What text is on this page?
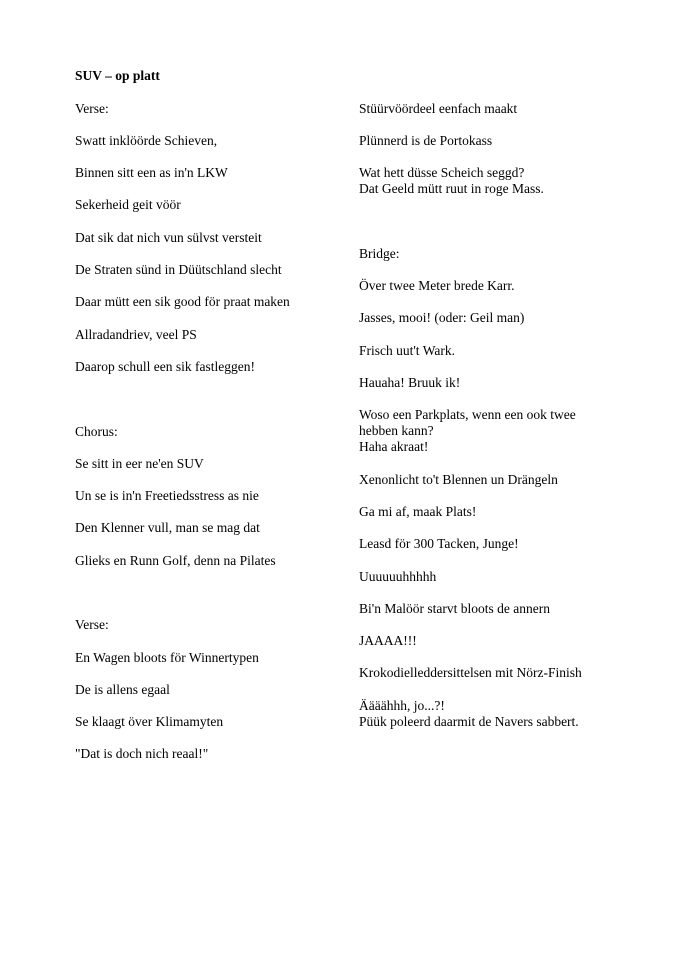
SUV – op platt

Verse:

Swatt inklöörde Schieven,

Binnen sitt een as in'n LKW

Sekerheid geit vöör

Dat sik dat nich vun sülvst versteit

De Straten sünd in Düütschland slecht

Daar mütt een sik good för praat maken

Allradandriev, veel PS

Daarop schull een sik fastleggen!

Chorus:

Se sitt in eer ne'en SUV

Un se is in'n Freetiedsstress as nie

Den Klenner vull, man se mag dat

Glieks en Runn Golf, denn na Pilates

Verse:

En Wagen bloots för Winnertypen

De is allens egaal

Se klaagt över Klimamyten

"Dat is doch nich reaal!"

Stüürvöördeel eenfach maakt

Plünnerd is de Portokass

Wat hett düsse Scheich seggd?

Dat Geeld mütt ruut in roge Mass.

Bridge:

Över twee Meter brede Karr.

Jasses, mooi! (oder: Geil man)

Frisch uut't Wark.

Hauaha! Bruuk ik!

Woso een Parkplats, wenn een ook twee

hebben kann?

Haha akraat!

Xenonlicht to't Blennen un Drängeln

Ga mi af, maak Plats!

Leasd för 300 Tacken, Junge!

Uuuuuuhhhhh

Bi'n Malöör starvt bloots de annern

JAAAA!!!

Krokodielleddersittelsen mit Nörz-Finish

Äääähhh, jo...?!

Püük poleerd daarmit de Navers sabbert.
